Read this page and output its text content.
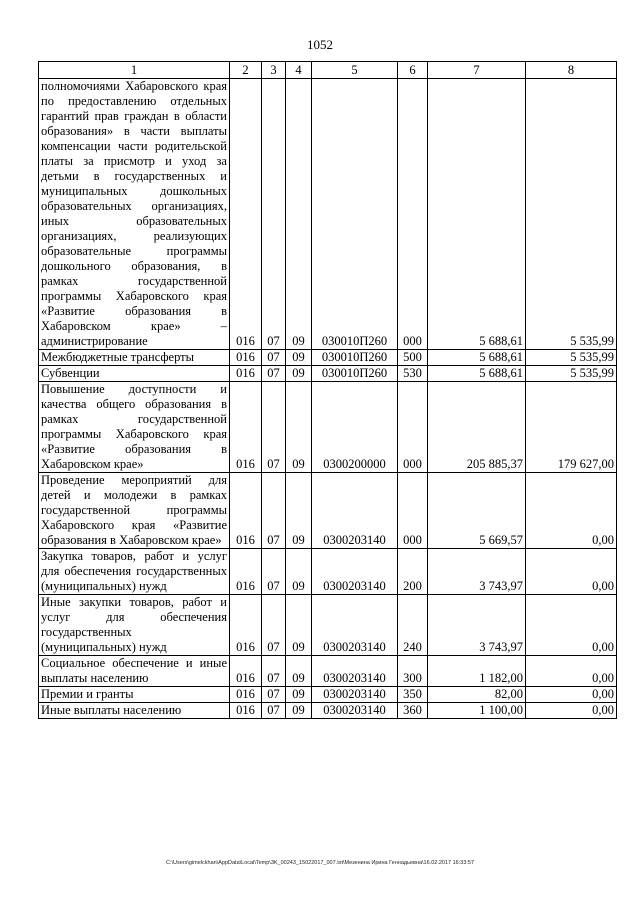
1052
1	2	3	4	5	6	7	8
полномочиями Хабаровского края по предоставлению отдельных гарантий прав граждан в области образования» в части выплаты компенсации части родительской платы за присмотр и уход за детьми в государственных и муниципальных дошкольных образовательных организациях, иных образовательных организациях, реализующих образовательные программы дошкольного образования, в рамках государственной программы Хабаровского края «Развитие образования в Хабаровском крае» – администрирование	016	07	09	030010П260	000	5 688,61	5 535,99
Межбюджетные трансферты	016	07	09	030010П260	500	5 688,61	5 535,99
Субвенции	016	07	09	030010П260	530	5 688,61	5 535,99
Повышение доступности и качества общего образования в рамках государственной программы Хабаровского края «Развитие образования в Хабаровском крае»	016	07	09	0300200000	000	205 885,37	179 627,00
Проведение мероприятий для детей и молодежи в рамках государственной программы Хабаровского края «Развитие образования в Хабаровском крае»	016	07	09	0300203140	000	5 669,57	0,00
Закупка товаров, работ и услуг для обеспечения государственных (муниципальных) нужд	016	07	09	0300203140	200	3 743,97	0,00
Иные закупки товаров, работ и услуг для обеспечения государственных (муниципальных) нужд	016	07	09	0300203140	240	3 743,97	0,00
Социальное обеспечение и иные выплаты населению	016	07	09	0300203140	300	1 182,00	0,00
Премии и гранты	016	07	09	0300203140	350	82,00	0,00
Иные выплаты населению	016	07	09	0300203140	360	1 100,00	0,00
C:\Users\gimelckhan\AppData\Local\Temp\3K_00243_15022017_007.txt\Мезенина Ирина Геннадьевна\16.02.2017 16:33:57
